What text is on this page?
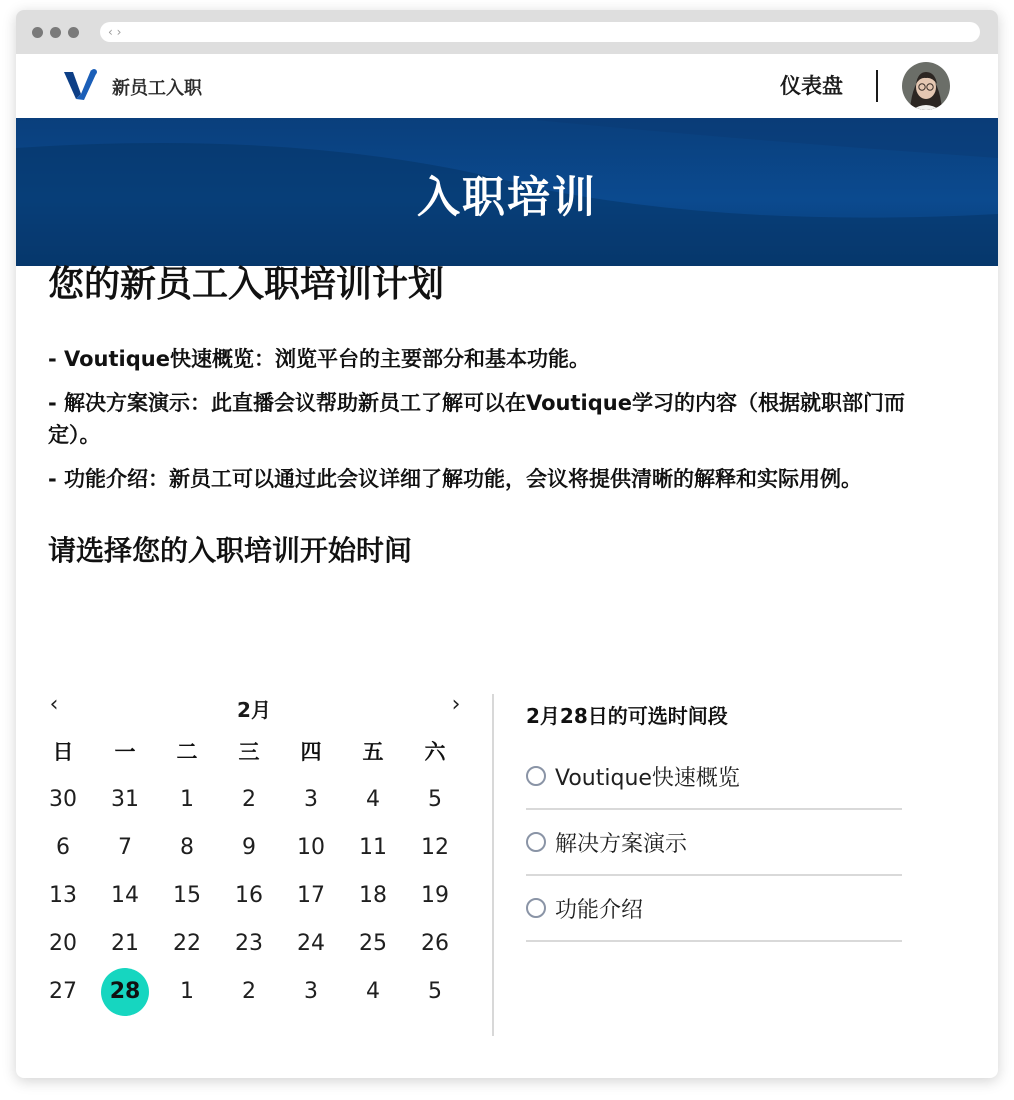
‹ ›
新员工入职	仪表盘
入职培训
您的新员工入职培训计划

- Voutique快速概览：浏览平台的主要部分和基本功能。

- 解决方案演示：此直播会议帮助新员工了解可以在Voutique学习的内容（根据就职部门而定）。

- 功能介绍：新员工可以通过此会议详细了解功能，会议将提供清晰的解释和实际用例。

请选择您的入职培训开始时间
‹	2月	›
日	一	二	三	四	五	六
30	31	1	2	3	4	5
6	7	8	9	10	11	12
13	14	15	16	17	18	19
20	21	22	23	24	25	26
27	28	1	2	3	4	5
2月28日的可选时间段
Voutique快速概览
解决方案演示
功能介绍
